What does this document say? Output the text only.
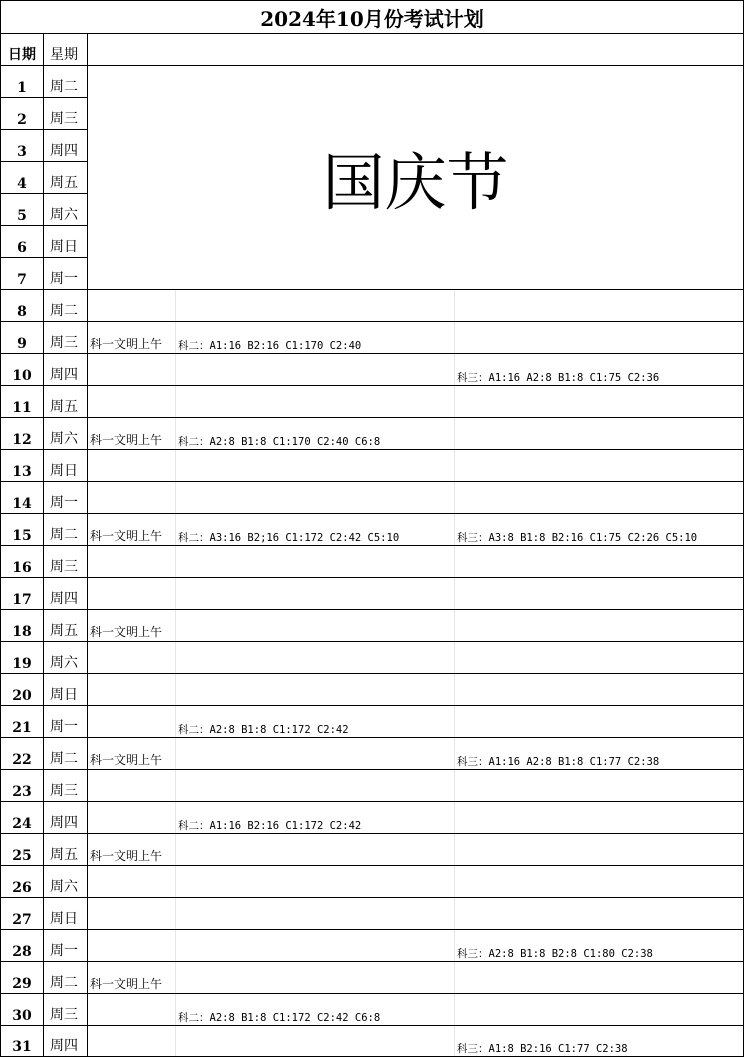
2024年10月份考试计划				
日期	星期			
1	周二	国庆节		
2	周三			
3	周四			
4	周五			
5	周六			
6	周日			
7	周一			
8	周二			
9	周三	科一文明上午	科二：A1:16 B2:16 C1:170 C2:40	
10	周四			科三：A1:16 A2:8 B1:8 C1:75 C2:36
11	周五			
12	周六	科一文明上午	科二：A2:8 B1:8 C1:170 C2:40 C6:8	
13	周日			
14	周一			
15	周二	科一文明上午	科二：A3:16 B2;16 C1:172 C2:42 C5:10	科三：A3:8 B1:8 B2:16 C1:75 C2:26 C5:10
16	周三			
17	周四			
18	周五	科一文明上午		
19	周六			
20	周日			
21	周一		科二：A2:8 B1:8 C1:172 C2:42	
22	周二	科一文明上午		科三：A1:16 A2:8 B1:8 C1:77 C2:38
23	周三			
24	周四		科二：A1:16 B2:16 C1:172 C2:42	
25	周五	科一文明上午		
26	周六			
27	周日			
28	周一			科三：A2:8 B1:8 B2:8 C1:80 C2:38
29	周二	科一文明上午		
30	周三		科二：A2:8 B1:8 C1:172 C2:42 C6:8	
31	周四			科三：A1:8 B2:16 C1:77 C2:38
